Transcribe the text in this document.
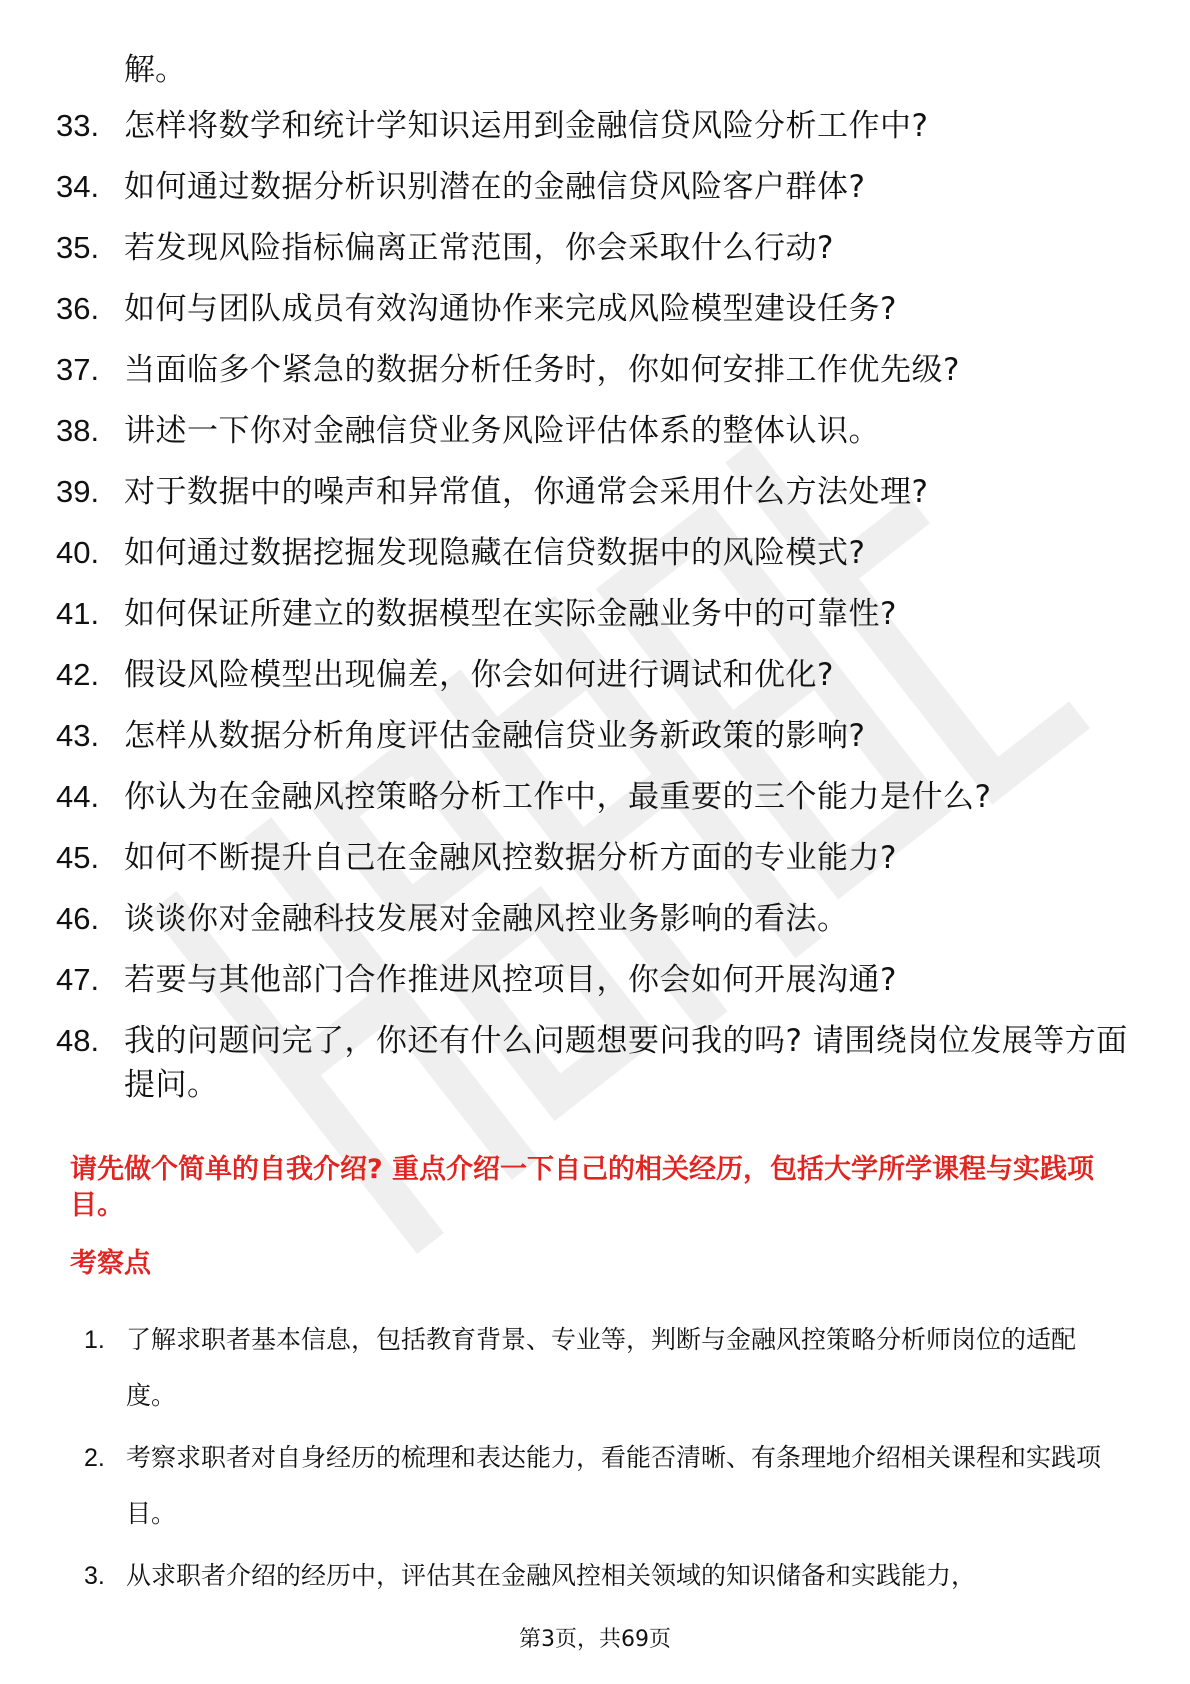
解。
33. 怎样将数学和统计学知识运用到金融信贷风险分析工作中?
34. 如何通过数据分析识别潜在的金融信贷风险客户群体?
35. 若发现风险指标偏离正常范围，你会采取什么行动?
36. 如何与团队成员有效沟通协作来完成风险模型建设任务?
37. 当面临多个紧急的数据分析任务时，你如何安排工作优先级?
38. 讲述一下你对金融信贷业务风险评估体系的整体认识。
39. 对于数据中的噪声和异常值，你通常会采用什么方法处理?
40. 如何通过数据挖掘发现隐藏在信贷数据中的风险模式?
41. 如何保证所建立的数据模型在实际金融业务中的可靠性?
42. 假设风险模型出现偏差，你会如何进行调试和优化?
43. 怎样从数据分析角度评估金融信贷业务新政策的影响?
44. 你认为在金融风控策略分析工作中，最重要的三个能力是什么?
45. 如何不断提升自己在金融风控数据分析方面的专业能力?
46. 谈谈你对金融科技发展对金融风控业务影响的看法。
47. 若要与其他部门合作推进风控项目，你会如何开展沟通?
48. 我的问题问完了，你还有什么问题想要问我的吗? 请围绕岗位发展等方面提问。
请先做个简单的自我介绍? 重点介绍一下自己的相关经历，包括大学所学课程与实践项目。
考察点
1. 了解求职者基本信息，包括教育背景、专业等，判断与金融风控策略分析师岗位的适配度。
2. 考察求职者对自身经历的梳理和表达能力，看能否清晰、有条理地介绍相关课程和实践项目。
3. 从求职者介绍的经历中，评估其在金融风控相关领域的知识储备和实践能力，
第3页，共69页
